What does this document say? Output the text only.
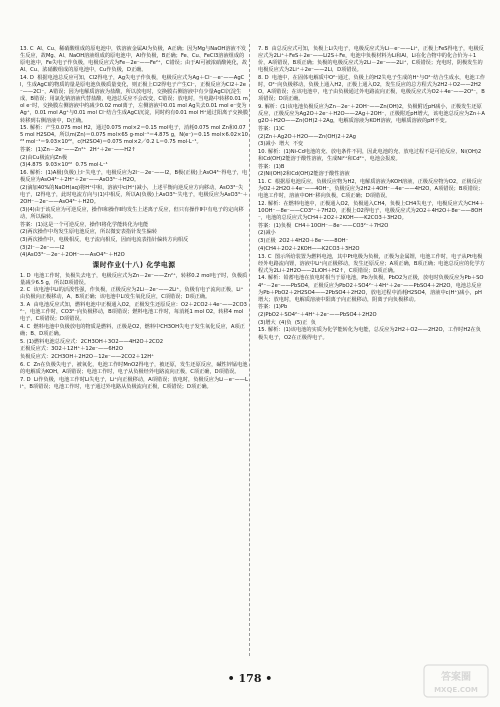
13. C  Al、Cu、稀硝酸组成的原电池中，铁溶液金属Al为负极，A正确；因为Mg与NaOH溶液不发生反应，故Mg、Al、NaOH溶液组成的原电池中，Al作负极，B正确；Fe、Cu、FeCl3溶液组成的原电池中，Fe失电子作负极，电极反应式为Fe－2e⁻——Fe²⁺，C错误；由于Al可被浓硝酸钝化，故Al、Cu、浓硝酸组成的原电池中，Cu作负极，D正确。

14. D  根据电池总反应可知，Cl2得电子，Ag失电子作负极，电极反应式为Ag＋Cl⁻－e⁻——AgCl，生成AgCl的物质的量是原电池负极质量变化，则正极上Cl2得电子产生Cl⁻，正极反应为Cl2＋2e⁻——2Cl⁻，A错误；因为电解质溶液为盐酸，所以放电时，交换膜右侧溶液中有少量AgCl沉淀生成，B错误；用氯化钠溶液代替盐酸，电池总反应不会改变，C错误；放电时，当电路中转移0.01 mol e⁻时，交换膜左侧溶液中约减少0.02 mol离子，左侧溶液中0.01 mol Ag失去0.01 mol e⁻变为Ag⁺，0.01 mol Ag⁺与0.01 mol Cl⁻结合生成AgCl沉淀，同时约有0.01 mol H⁺通过阳离子交换膜转移到右侧溶液中，D正确。

15. 解析：产生0.075 mol H2，通过0.075 mol×2＝0.15 mol电子，消耗0.075 mol Zn和0.075 mol H2SO4。所以m(Zn)＝0.075 mol×65 g·mol⁻¹＝4.875 g，N(e⁻)＝0.15 mol×6.02×10²³ mol⁻¹＝9.03×10²²，c(H2SO4)＝0.075 mol×2／0.2 L＝0.75 mol·L⁻¹。

答案：(1)Zn－2e⁻——Zn²⁺  2H⁺＋2e⁻——H2↑

(2)由Cu极流向Zn极

(3)4.875  9.03×10²²  0.75 mol·L⁻¹

16. 解析：(1)A极(负极)上I⁻失电子，电极反应为2I⁻－2e⁻——I2，B极(正极)上AsO4³⁻得电子，电极反应为AsO4³⁻＋2H⁺＋2e⁻——AsO3³⁻＋H2O。

(2)滴加40%的NaOH(aq)将H⁺中和，溶液中c(H⁺)减小，上述平衡向逆反应方向移动，AsO3³⁻失电子，I2得电子，此时电流方向与(1)中相反，所以A(负极)上AsO3³⁻失电子，电极反应为AsO3³⁻＋2OH⁻－2e⁻——AsO4³⁻＋H2O。

(3)(4)由于该反应为可逆反应，操作Ⅰ和操作Ⅱ均发生上述离子反应，但只有操作Ⅱ中有电子的定向移动，所以偏转。

答案：(1)这是一个可逆反应，操作Ⅰ将化学能转化为电能

(2)两次操作中均发生原电池反应，所以微安表指针发生偏转

(3)两次操作中，电极相反，电子流向相反，因而电流表指针偏转方向相反

(3)2I⁻－2e⁻——I2

(4)AsO3³⁻－2e⁻＋2OH⁻——AsO4³⁻＋H2O

课时作业(十八) 化学电源

1. D  电池工作时，负极失去电子，电极反应式为Zn－2e⁻——Zn²⁺，转移0.2 mol电子时，负极质量减少6.5 g，所以D项错误。

2. C  该电池中Li的活泼性强，作负极，正极反应为2Li－2e⁻——2Li⁺，负极有电子流向正极，Li⁺由负极向正极移动，A、B项正确；该电池中Li发生氧化反应，C项错误；D项正确。

3. A  由电池反应式知，燃料电池中正极通入O2，正极发生还原反应：O2＋2CO2＋4e⁻——2CO3²⁻，电池工作时，CO3²⁻向负极移动，B项错误；燃料电池工作时，每消耗1 mol O2，转移4 mol电子，C项错误；D项错误。

4. C  燃料电池中负极放电的物质是燃料，正极是O2，燃料中CH3OH失电子发生氧化反应，A项正确；B、D项正确。

5. (1)燃料电池总反应式：2CH3OH＋3O2——4H2O＋2CO2

正极反应式：3O2＋12H⁺＋12e⁻——6H2O

负极反应式：2CH3OH＋2H2O－12e⁻——2CO2＋12H⁺

6. C  Zn在负极失电子，被氧化，电池工作时MnO2得电子，被还原，发生还原反应，碱性锌锰电池的电解质为KOH，A项错误；电池工作时，电子从负极经外电路流向正极，C项正确，D项错误。

7. D  Li作负极，电池工作时Li失电子，Li⁺向正极移动，A项错误；放电时，负极反应为Li－e⁻——Li⁺，B项错误；电池工作时，电子通过外电路从负极流向正极，C项错误；D项正确。

7. B  由总反应式可知，负极上Li失电子，电极反应式为Li－e⁻——Li⁺，正极上FeS得电子，电极反应式为2Li⁺＋FeS＋2e⁻——Li2S＋Fe，电池中负极材料为Li和Al，Li在化合物中的化合价为＋1价，A项错误，B项正确；负极的电极反应式为2Li－2e⁻——2Li⁺，C项错误；充电时，阴极发生的电极反应式为2Li⁺＋2e⁻——2Li，D项错误。

8. D  电池中，在固体电解质中O²⁻通过，负极上的H2失电子生成的H⁺与O²⁻结合生成水，电池工作时，O²⁻向负极移动，负极上通入H2，正极上通入O2，发生反应的总方程式为2H2＋O2——2H2O，A项错误；在该电池中，电子由负极通过外电路流向正极，电极反应式为O2＋4e⁻——2O²⁻，B项错误；D项正确。

9. 解析：(1)该电池负极反应为Zn－2e⁻＋2OH⁻——Zn(OH)2，负极附近pH减小，正极发生还原反应，正极反应为Ag2O＋2e⁻＋H2O——2Ag＋2OH⁻，正极附近pH增大，该电池总反应为Zn＋Ag2O＋H2O——Zn(OH)2＋2Ag，电解质溶液为KOH溶液，电解质溶液的pH不变。

答案：(1)C

(2)Zn＋Ag2O＋H2O——Zn(OH)2＋2Ag

(3)减小  增大  不变

10. 解析：(1)Ni-Cd电池的充、放电条件不同，因此电池的充、放电过程不是可逆反应，Ni(OH)2和Cd(OH)2能溶于酸性溶液，生成Ni²⁺和Cd²⁺，电池会报废。

答案：(1)B

(2)Ni(OH)2和Cd(OH)2能溶于酸性溶液

11. C  根据原电池反应，负极反应物为H2，电解质溶液为KOH溶液，正极反应物为O2，正极反应为O2＋2H2O＋4e⁻——4OH⁻，负极反应为2H2＋4OH⁻－4e⁻——4H2O，A项错误；B项错误；电池工作时，溶液中OH⁻移向负极，C项正确；D项错误。

12. 解析：在燃料电池中，正极通入O2，负极通入CH4，负极上CH4失电子，电极反应式为CH4＋10OH⁻－8e⁻——CO3²⁻＋7H2O，正极上O2得电子，电极反应式为2O2＋4H2O＋8e⁻——8OH⁻，电池的总反应式为CH4＋2O2＋2KOH——K2CO3＋3H2O。

答案：(1)负极  CH4＋10OH⁻－8e⁻——CO3²⁻＋7H2O

(2)减小

(3)正极  2O2＋4H2O＋8e⁻——8OH⁻

(4)CH4＋2O2＋2KOH——K2CO3＋3H2O

13. C  图示所给装置为燃料电池，其中Pt电极为负极，正极为金属锂，电池工作时，电子从Pt电极经外电路流向锂，溶液中Li⁺向正极移动，发生还原反应；A项正确，B项正确；电池总反应的化学方程式为2Li＋2H2O——2LiOH＋H2↑，C项错误；D项正确。

14. 解析：铅蓄电池在放电时相当于原电池，Pb为负极，PbO2为正极，放电时负极反应为Pb＋SO4²⁻－2e⁻——PbSO4，正极反应为PbO2＋SO4²⁻＋4H⁺＋2e⁻——PbSO4＋2H2O，电池总反应为Pb＋PbO2＋2H2SO4——2PbSO4＋2H2O，放电过程中消耗H2SO4，溶液中c(H⁺)减小，pH增大；放电时，电解质溶液中阳离子向正极移动，阴离子向负极移动。

答案：(1)Pb

(2)PbO2＋SO4²⁻＋4H⁺＋2e⁻——PbSO4＋2H2O

(3)增大  (4)负  (5)正  负

15. 解析：(1)该电池的实质为化学能转化为电能，总反应为2H2＋O2——2H2O，工作时H2在负极失电子，O2在正极得电子。

• 178 •	答案圈
MXQE.COM
